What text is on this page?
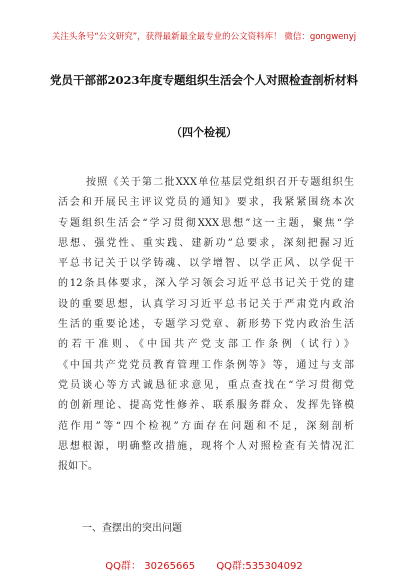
关注头条号“公文研究”，获得最新最全最专业的公文资料库！ 微信：gongwenyj
党员干部部2023年度专题组织生活会个人对照检查剖析材料
（四个检视）
按照《关于第二批XXX单位基层党组织召开专题组织生
活会和开展民主评议党员的通知》要求，我紧紧围绕本次
专题组织生活会“学习贯彻XXX思想”这一主题，聚焦“学
思想、强党性、重实践、建新功”总要求，深刻把握习近
平总书记关于以学铸魂、以学增智、以学正风、以学促干
的12条具体要求，深入学习领会习近平总书记关于党的建
设的重要思想，认真学习习近平总书记关于严肃党内政治
生活的重要论述，专题学习党章、新形势下党内政治生活
的若干准则、《中国共产党支部工作条例（试行）》
《中国共产党党员教育管理工作条例等》等，通过与支部
党员谈心等方式诚恳征求意见，重点查找在“学习贯彻党
的创新理论、提高党性修养、联系服务群众、发挥先锋模
范作用”等“四个检视”方面存在问题和不足，深刻剖析
思想根源，明确整改措施，现将个人对照检查有关情况汇
报如下。
一、查摆出的突出问题
QQ群： 30265665 QQ群:535304092
